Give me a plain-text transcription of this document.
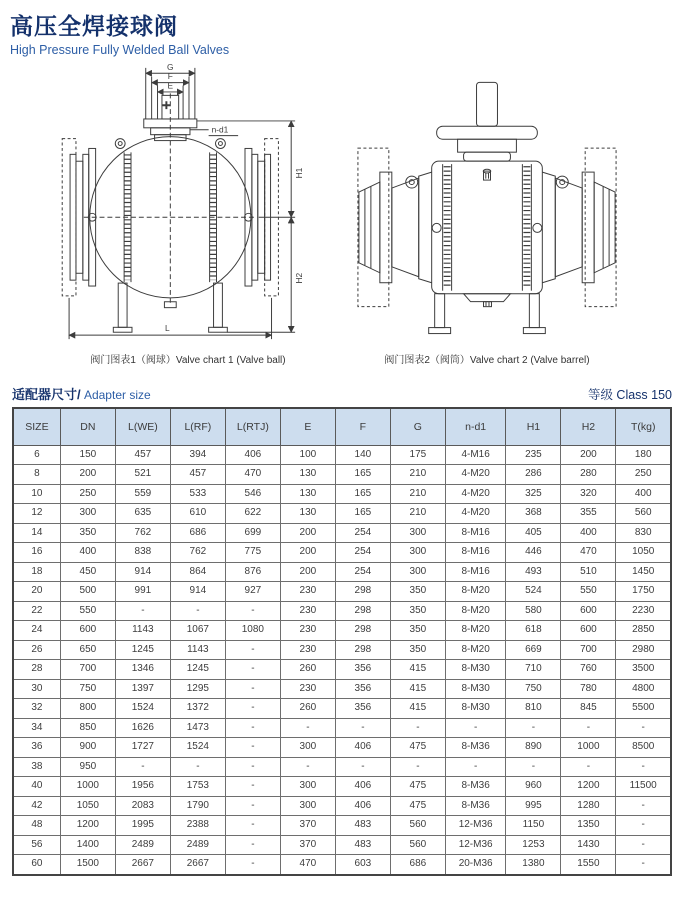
高压全焊接球阀
High Pressure Fully Welded Ball Valves
G
F
E
n-d1
H1
H2
L
阀门图表1（阀球）Valve chart 1 (Valve ball)	阀门图表2（阀筒）Valve chart 2 (Valve barrel)
适配器尺寸/ Adapter size	等级 Class 150
SIZE	DN	L(WE)	L(RF)	L(RTJ)	E	F	G	n-d1	H1	H2	T(kg)
6	150	457	394	406	100	140	175	4-M16	235	200	180
8	200	521	457	470	130	165	210	4-M20	286	280	250
10	250	559	533	546	130	165	210	4-M20	325	320	400
12	300	635	610	622	130	165	210	4-M20	368	355	560
14	350	762	686	699	200	254	300	8-M16	405	400	830
16	400	838	762	775	200	254	300	8-M16	446	470	1050
18	450	914	864	876	200	254	300	8-M16	493	510	1450
20	500	991	914	927	230	298	350	8-M20	524	550	1750
22	550	-	-	-	230	298	350	8-M20	580	600	2230
24	600	1143	1067	1080	230	298	350	8-M20	618	600	2850
26	650	1245	1143	-	230	298	350	8-M20	669	700	2980
28	700	1346	1245	-	260	356	415	8-M30	710	760	3500
30	750	1397	1295	-	230	356	415	8-M30	750	780	4800
32	800	1524	1372	-	260	356	415	8-M30	810	845	5500
34	850	1626	1473	-	-	-	-	-	-	-	-
36	900	1727	1524	-	300	406	475	8-M36	890	1000	8500
38	950	-	-	-	-	-	-	-	-	-	-
40	1000	1956	1753	-	300	406	475	8-M36	960	1200	11500
42	1050	2083	1790	-	300	406	475	8-M36	995	1280	-
48	1200	1995	2388	-	370	483	560	12-M36	1150	1350	-
56	1400	2489	2489	-	370	483	560	12-M36	1253	1430	-
60	1500	2667	2667	-	470	603	686	20-M36	1380	1550	-
